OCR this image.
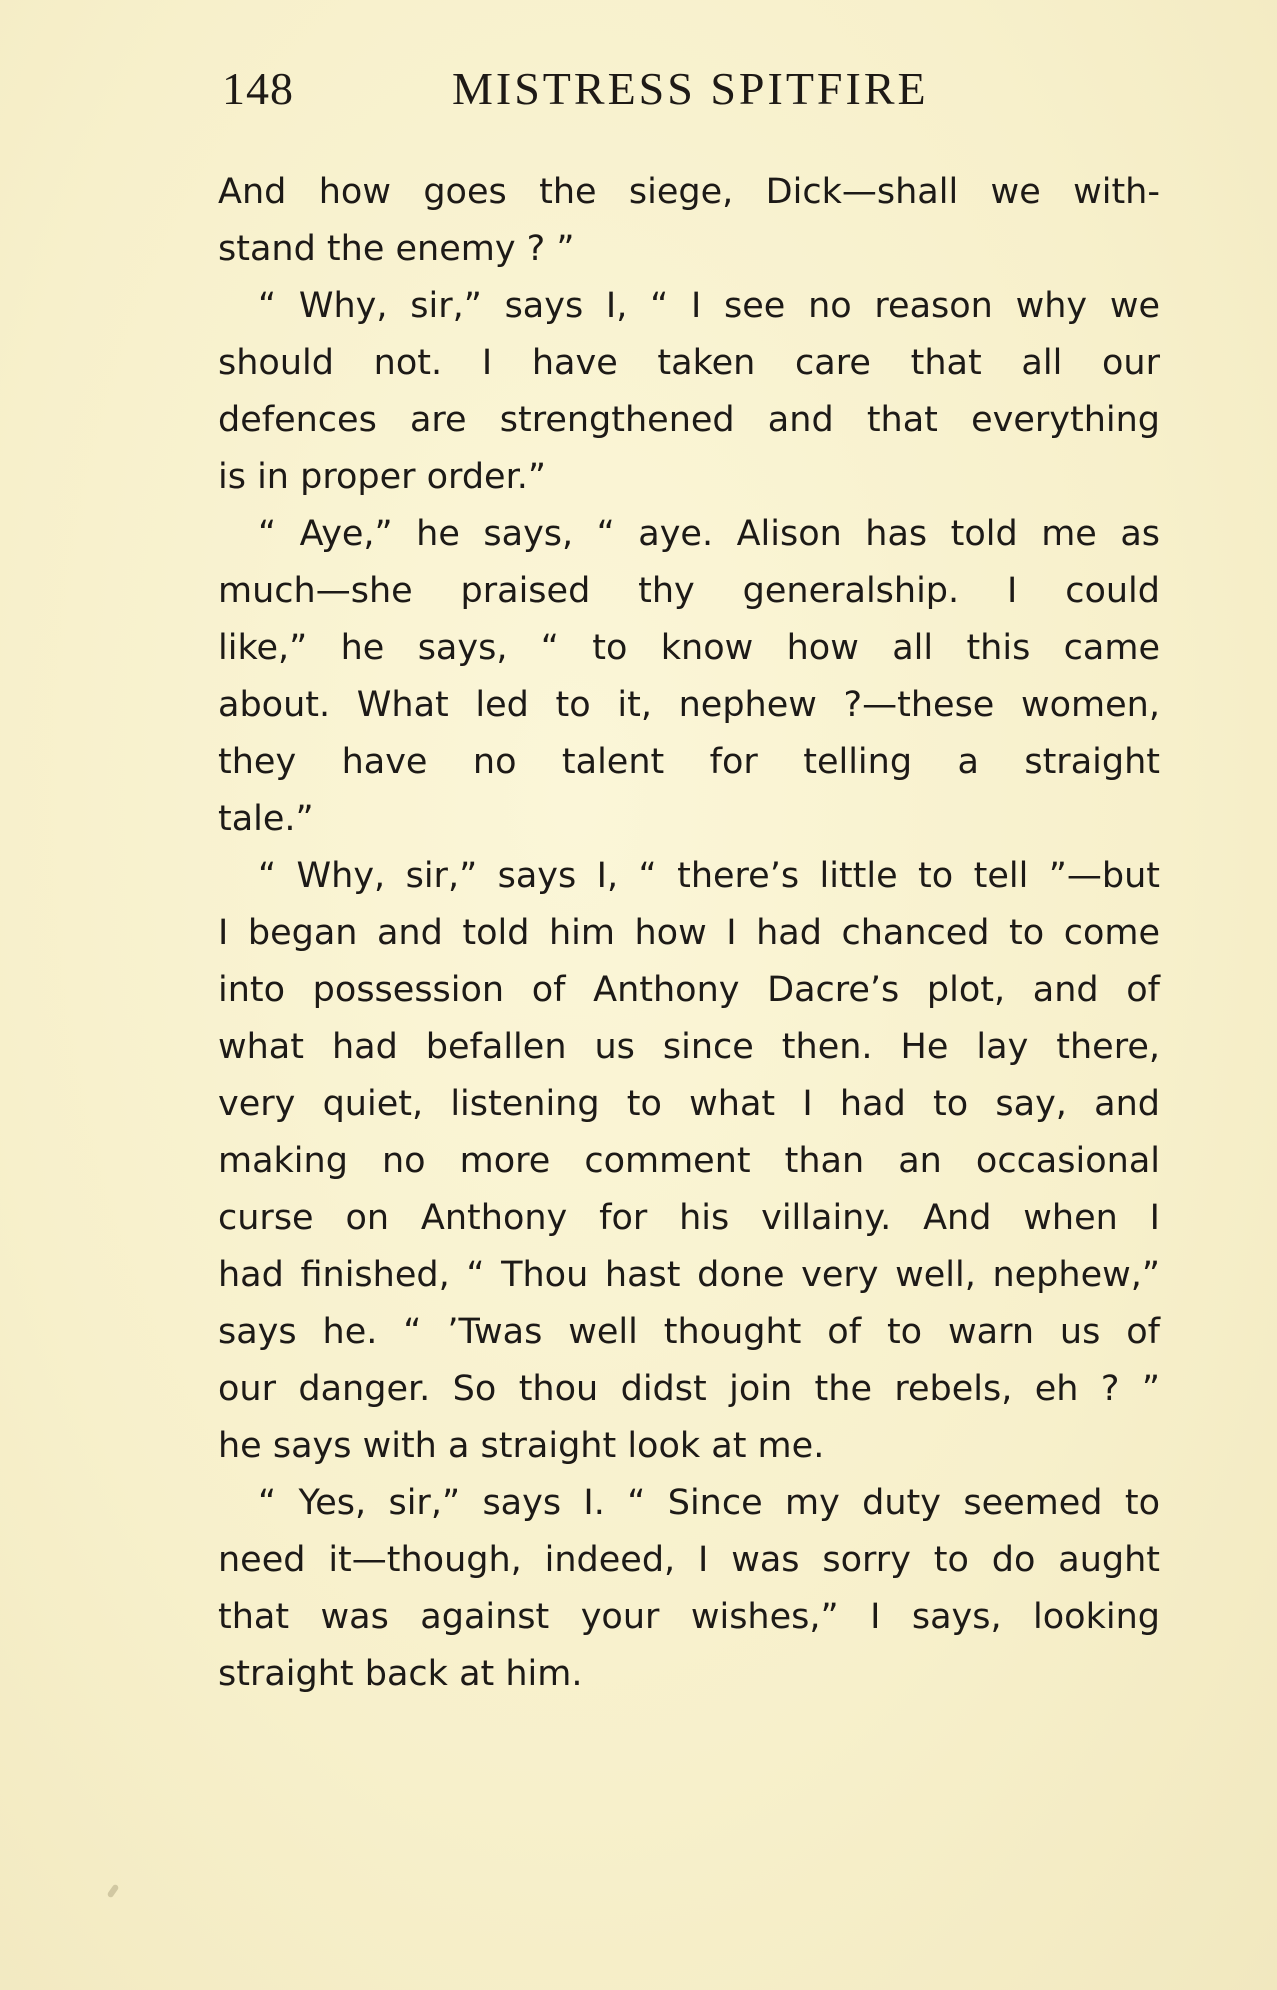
148	MISTRESS SPITFIRE
And how goes the siege, Dick—shall we with-
stand the enemy ? ”
“ Why, sir,” says I, “ I see no reason why we
should not. I have taken care that all our
defences are strengthened and that everything
is in proper order.”
“ Aye,” he says, “ aye. Alison has told me as
much—she praised thy generalship. I could
like,” he says, “ to know how all this came
about. What led to it, nephew ?—these women,
they have no talent for telling a straight
tale.”
“ Why, sir,” says I, “ there’s little to tell ”—but
I began and told him how I had chanced to come
into possession of Anthony Dacre’s plot, and of
what had befallen us since then. He lay there,
very quiet, listening to what I had to say, and
making no more comment than an occasional
curse on Anthony for his villainy. And when I
had finished, “ Thou hast done very well, nephew,”
says he. “ ’Twas well thought of to warn us of
our danger. So thou didst join the rebels, eh ? ”
he says with a straight look at me.
“ Yes, sir,” says I. “ Since my duty seemed to
need it—though, indeed, I was sorry to do aught
that was against your wishes,” I says, looking
straight back at him.
